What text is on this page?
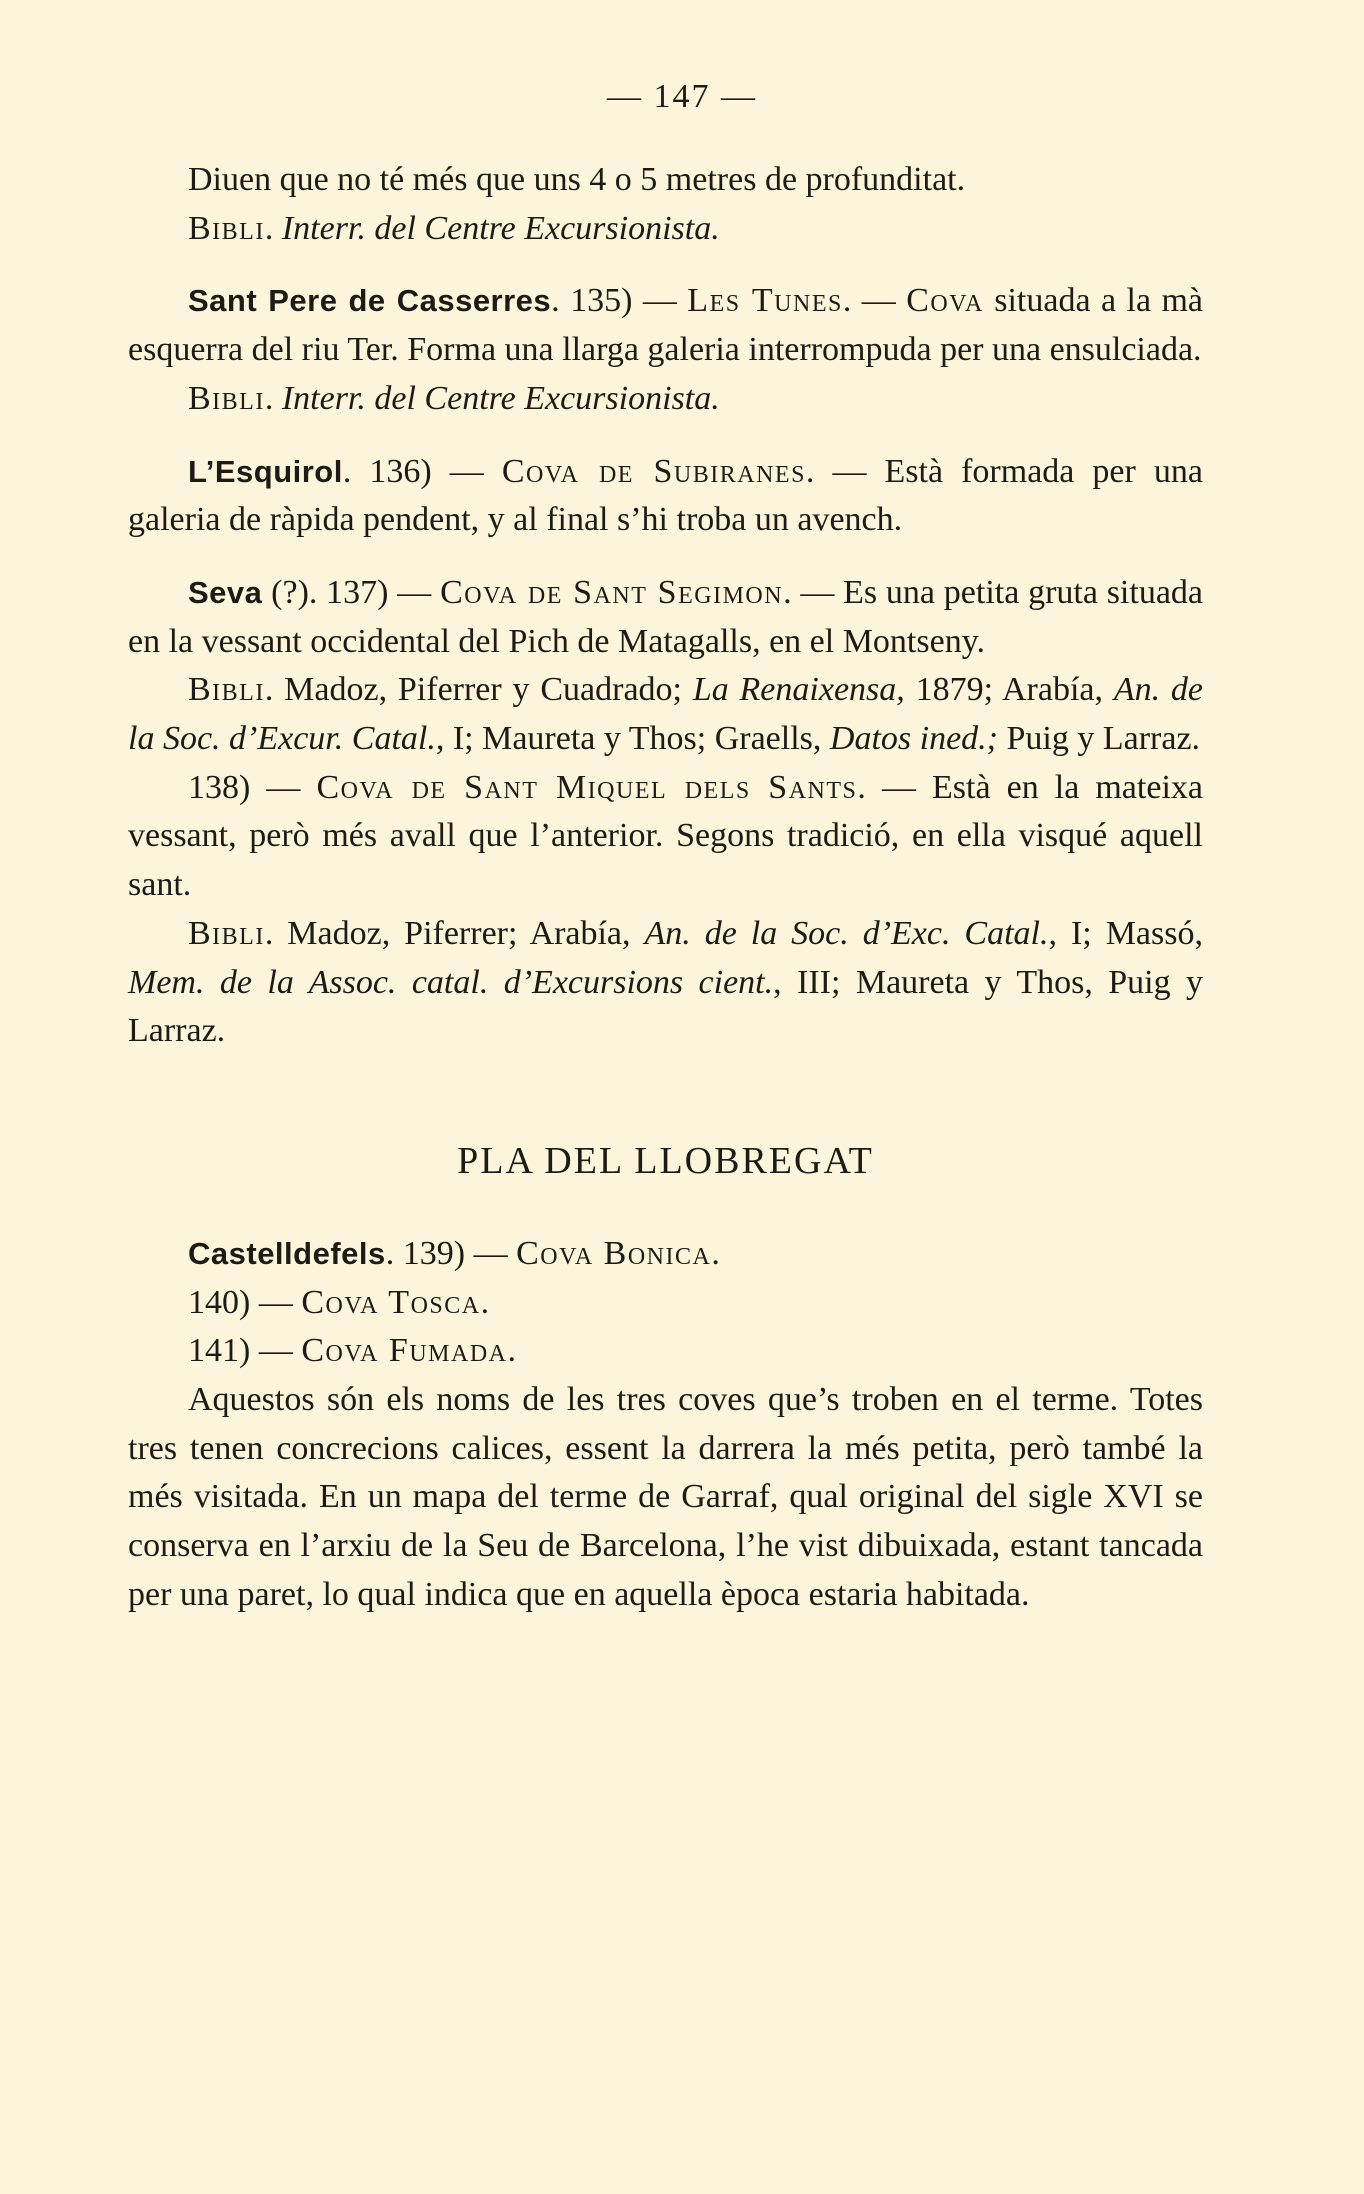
— 147 —

Diuen que no té més que uns 4 o 5 metres de profunditat.

Bibli. Interr. del Centre Excursionista.

Sant Pere de Casserres. 135) — Les Tunes. — Cova situada a la mà esquerra del riu Ter. Forma una llarga galeria interrompuda per una ensulciada.

Bibli. Interr. del Centre Excursionista.

L’Esquirol. 136) — Cova de Subiranes. — Està formada per una galeria de ràpida pendent, y al final s’hi troba un avench.

Seva (?). 137) — Cova de Sant Segimon. — Es una petita gruta situada en la vessant occidental del Pich de Matagalls, en el Montseny.

Bibli. Madoz, Piferrer y Cuadrado; La Renaixensa, 1879; Arabía, An. de la Soc. d’Excur. Catal., I; Maureta y Thos; Graells, Datos ined.; Puig y Larraz.

138) — Cova de Sant Miquel dels Sants. — Està en la mateixa vessant, però més avall que l’anterior. Segons tradició, en ella visqué aquell sant.

Bibli. Madoz, Piferrer; Arabía, An. de la Soc. d’Exc. Catal., I; Massó, Mem. de la Assoc. catal. d’Excursions cient., III; Maureta y Thos, Puig y Larraz.

PLA DEL LLOBREGAT

Castelldefels. 139) — Cova Bonica.

140) — Cova Tosca.

141) — Cova Fumada.

Aquestos són els noms de les tres coves que’s troben en el terme. Totes tres tenen concrecions calices, essent la darrera la més petita, però també la més visitada. En un mapa del terme de Garraf, qual original del sigle XVI se conserva en l’arxiu de la Seu de Barcelona, l’he vist dibuixada, estant tancada per una paret, lo qual indica que en aquella època estaria habitada.
